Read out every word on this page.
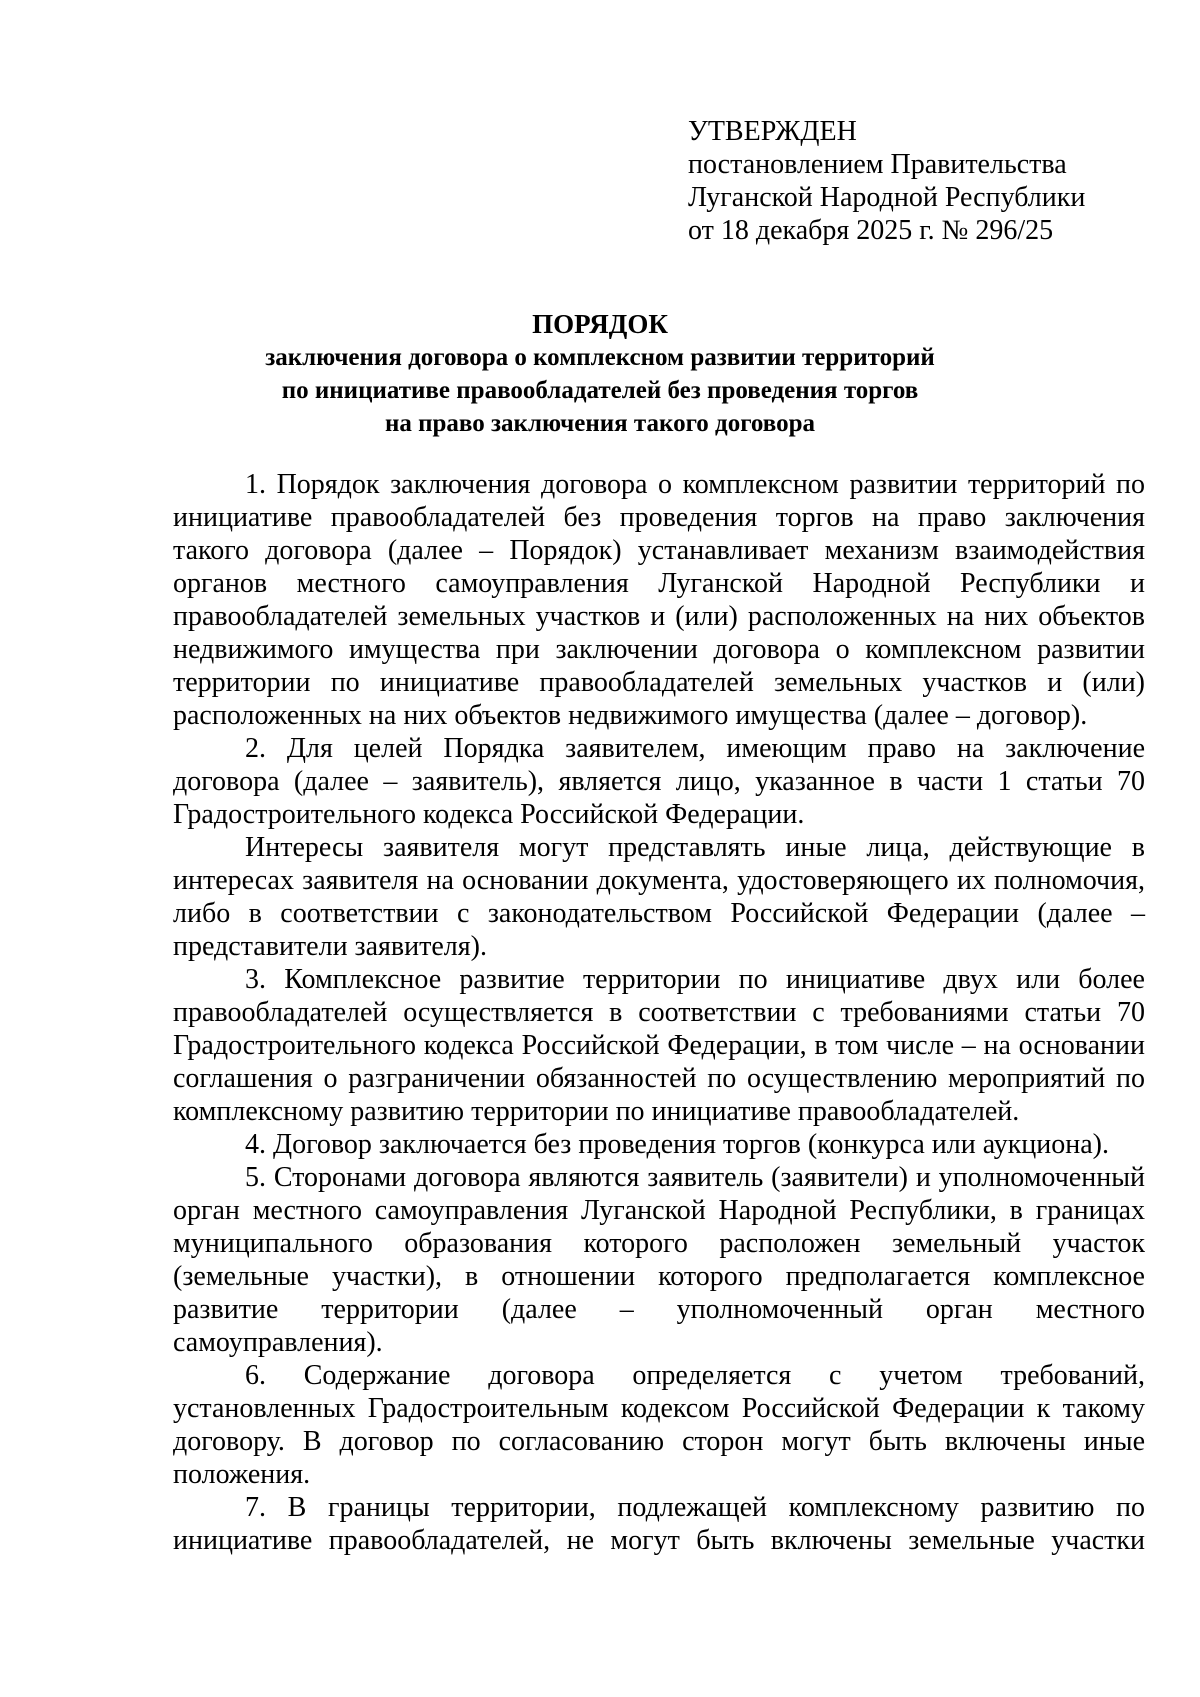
УТВЕРЖДЕН
постановлением Правительства
Луганской Народной Республики
от 18 декабря 2025 г. № 296/25
ПОРЯДОК
заключения договора о комплексном развитии территорий
по инициативе правообладателей без проведения торгов
на право заключения такого договора

1. Порядок заключения договора о комплексном развитии территорий по инициативе правообладателей без проведения торгов на право заключения такого договора (далее – Порядок) устанавливает механизм взаимодействия органов местного самоуправления Луганской Народной Республики и правообладателей земельных участков и (или) расположенных на них объектов недвижимого имущества при заключении договора о комплексном развитии территории по инициативе правообладателей земельных участков и (или) расположенных на них объектов недвижимого имущества (далее – договор).

2. Для целей Порядка заявителем, имеющим право на заключение договора (далее – заявитель), является лицо, указанное в части 1 статьи 70 Градостроительного кодекса Российской Федерации.

Интересы заявителя могут представлять иные лица, действующие в интересах заявителя на основании документа, удостоверяющего их полномочия, либо в соответствии с законодательством Российской Федерации (далее – представители заявителя).

3. Комплексное развитие территории по инициативе двух или более правообладателей осуществляется в соответствии с требованиями статьи 70 Градостроительного кодекса Российской Федерации, в том числе – на основании соглашения о разграничении обязанностей по осуществлению мероприятий по комплексному развитию территории по инициативе правообладателей.

4. Договор заключается без проведения торгов (конкурса или аукциона).

5. Сторонами договора являются заявитель (заявители) и уполномоченный орган местного самоуправления Луганской Народной Республики, в границах муниципального образования которого расположен земельный участок (земельные участки), в отношении которого предполагается комплексное развитие территории (далее – уполномоченный орган местного самоуправления).

6. Содержание договора определяется с учетом требований, установленных Градостроительным кодексом Российской Федерации к такому договору. В договор по согласованию сторон могут быть включены иные положения.

7. В границы территории, подлежащей комплексному развитию по инициативе правообладателей, не могут быть включены земельные участки
